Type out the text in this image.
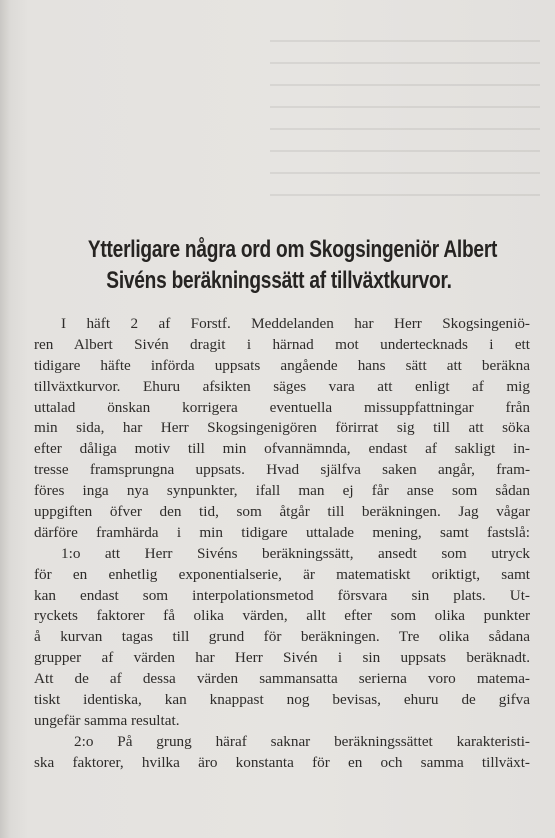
Ytterligare några ord om Skogsingeniör Albert
Sivéns beräkningssätt af tillväxtkurvor.
I häft 2 af Forstf. Meddelanden har Herr Skogsingeniö-
ren Albert Sivén dragit i härnad mot undertecknads i ett
tidigare häfte införda uppsats angående hans sätt att beräkna
tillväxtkurvor. Ehuru afsikten säges vara att enligt af mig
uttalad önskan korrigera eventuella missuppfattningar från
min sida, har Herr Skogsingenigören förirrat sig till att söka
efter dåliga motiv till min ofvannämnda, endast af sakligt in-
tresse framsprungna uppsats. Hvad själfva saken angår, fram-
föres inga nya synpunkter, ifall man ej får anse som sådan
uppgiften öfver den tid, som åtgår till beräkningen. Jag vågar
därföre framhärda i min tidigare uttalade mening, samt fastslå:
1:o att Herr Sivéns beräkningssätt, ansedt som utryck
för en enhetlig exponentialserie, är matematiskt oriktigt, samt
kan endast som interpolationsmetod försvara sin plats. Ut-
ryckets faktorer få olika värden, allt efter som olika punkter
å kurvan tagas till grund för beräkningen. Tre olika sådana
grupper af värden har Herr Sivén i sin uppsats beräknadt.
Att de af dessa värden sammansatta serierna voro matema-
tiskt identiska, kan knappast nog bevisas, ehuru de gifva
ungefär samma resultat.
2:o På grung häraf saknar beräkningssättet karakteristi-
ska faktorer, hvilka äro konstanta för en och samma tillväxt-
